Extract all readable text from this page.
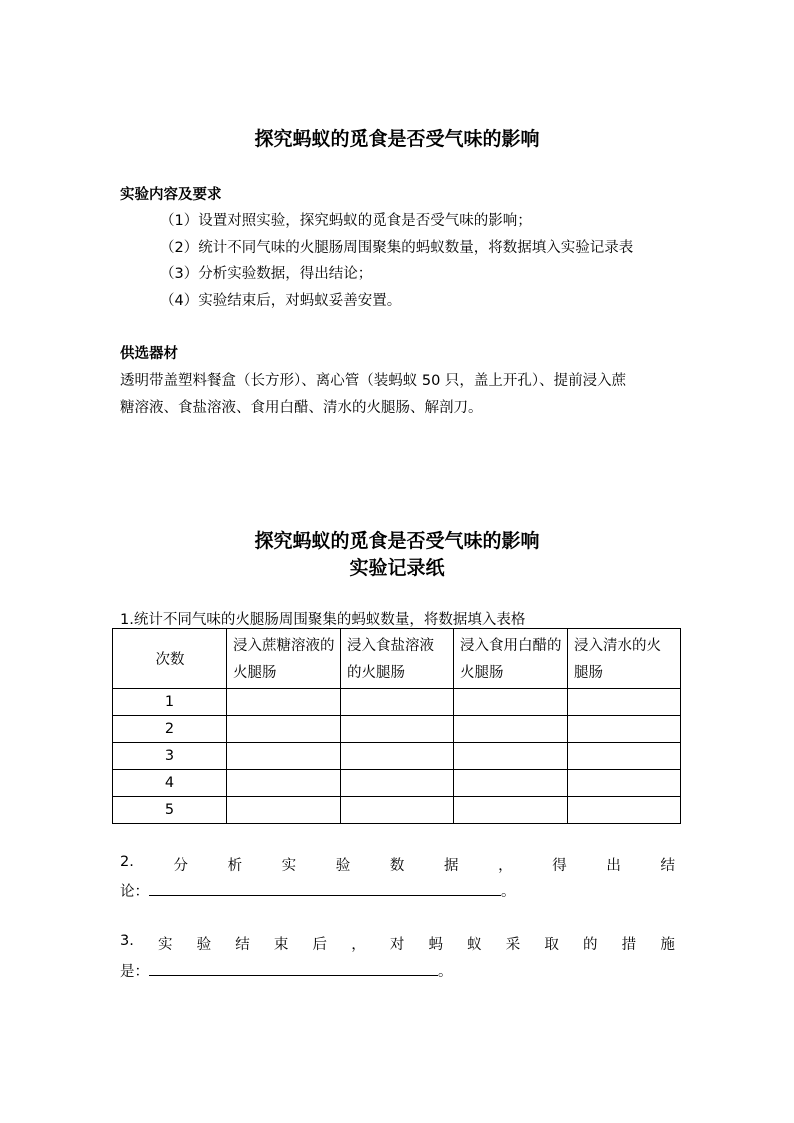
探究蚂蚁的觅食是否受气味的影响
实验内容及要求
（1）设置对照实验，探究蚂蚁的觅食是否受气味的影响；
（2）统计不同气味的火腿肠周围聚集的蚂蚁数量，将数据填入实验记录表
（3）分析实验数据，得出结论；
（4）实验结束后，对蚂蚁妥善安置。
供选器材
透明带盖塑料餐盒（长方形）、离心管（装蚂蚁 50 只，盖上开孔）、提前浸入蔗
糖溶液、食盐溶液、食用白醋、清水的火腿肠、解剖刀。
探究蚂蚁的觅食是否受气味的影响
实验记录纸
1.统计不同气味的火腿肠周围聚集的蚂蚁数量，将数据填入表格
次数	浸入蔗糖溶液的火腿肠	浸入食盐溶液的火腿肠	浸入食用白醋的火腿肠	浸入清水的火腿肠
1				
2				
3				
4				
5				
2.	分	析	实	验	数	据	，	得	出	结
论：	。
3. 实 验 结 束 后 ， 对 蚂 蚁 采 取 的 措 施
是：	。
